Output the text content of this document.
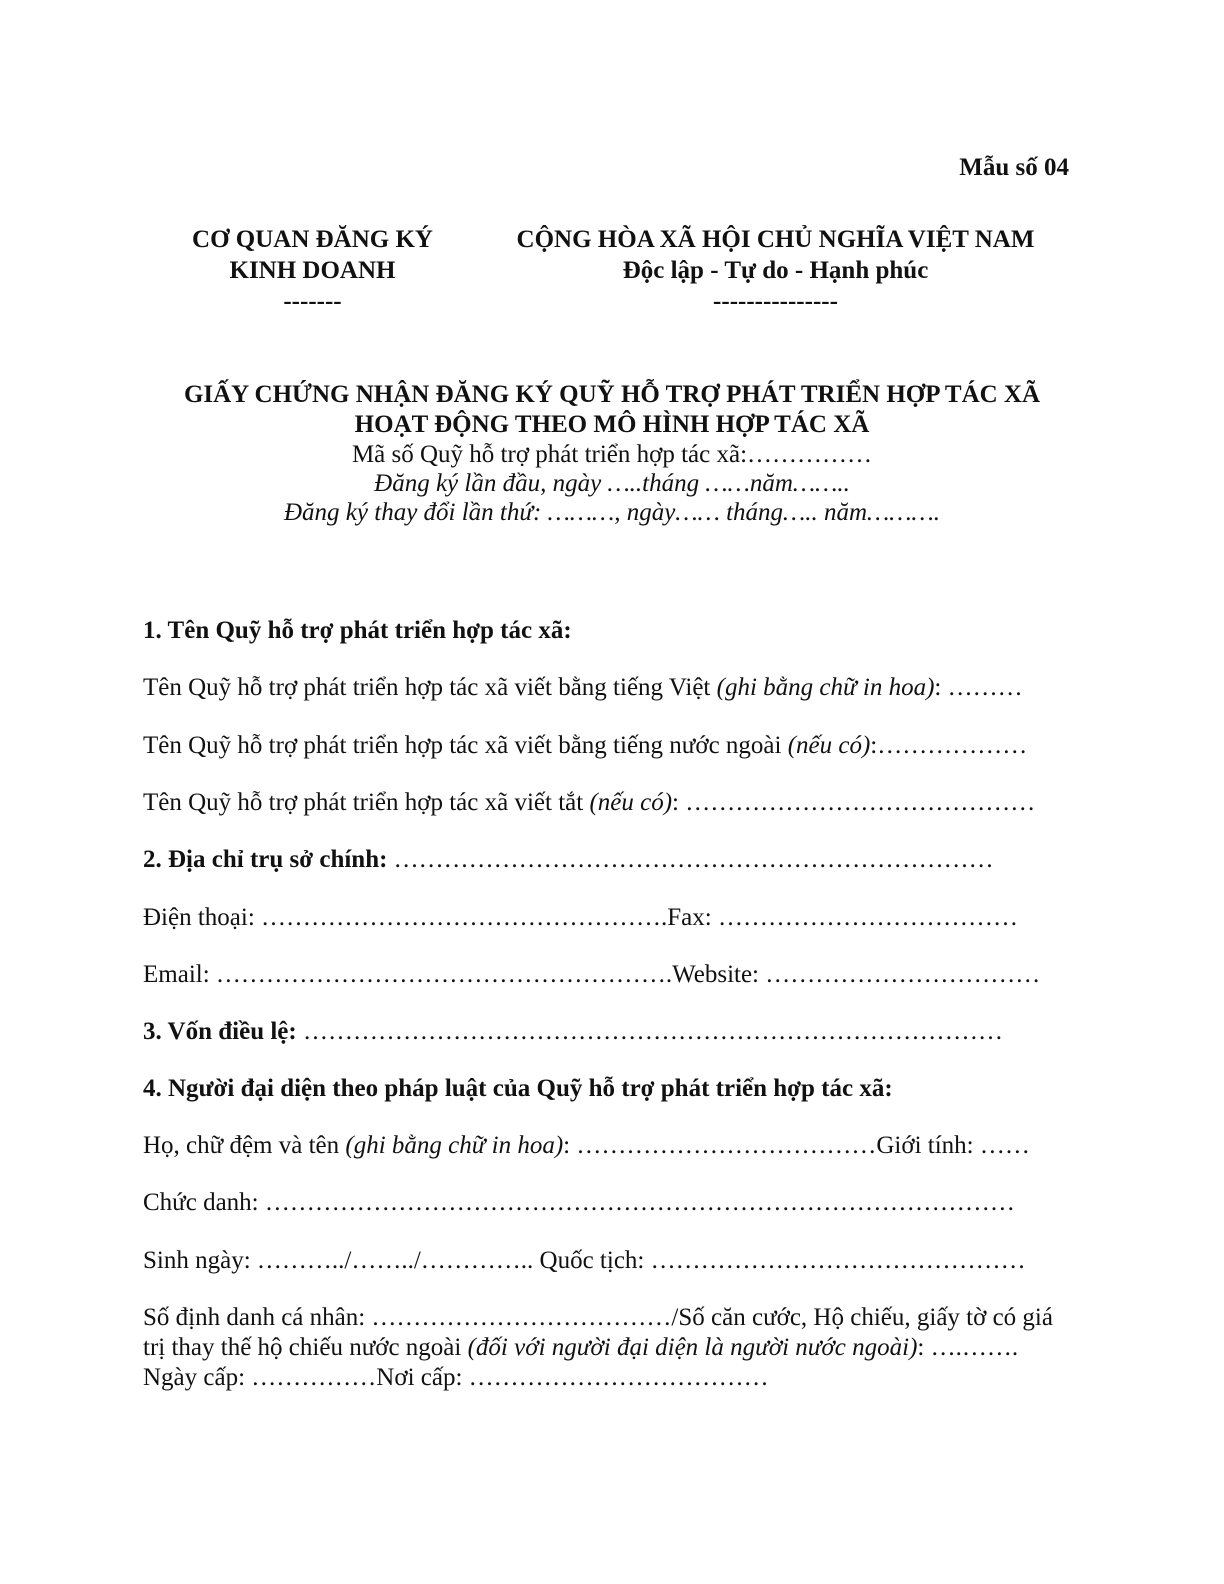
Mẫu số 04
CƠ QUAN ĐĂNG KÝ
KINH DOANH
-------
CỘNG HÒA XÃ HỘI CHỦ NGHĨA VIỆT NAM
Độc lập - Tự do - Hạnh phúc
---------------
GIẤY CHỨNG NHẬN ĐĂNG KÝ QUỸ HỖ TRỢ PHÁT TRIỂN HỢP TÁC XÃ
HOẠT ĐỘNG THEO MÔ HÌNH HỢP TÁC XÃ
Mã số Quỹ hỗ trợ phát triển hợp tác xã:……………
Đăng ký lần đầu, ngày …..tháng ……năm……..
Đăng ký thay đổi lần thứ: ………, ngày…… tháng….. năm……….
1. Tên Quỹ hỗ trợ phát triển hợp tác xã:
Tên Quỹ hỗ trợ phát triển hợp tác xã viết bằng tiếng Việt (ghi bằng chữ in hoa): ………
Tên Quỹ hỗ trợ phát triển hợp tác xã viết bằng tiếng nước ngoài (nếu có):………………
Tên Quỹ hỗ trợ phát triển hợp tác xã viết tắt (nếu có): ……………………………………
2. Địa chỉ trụ sở chính: ………………………………………………………………
Điện thoại: ………………………………………….Fax: ………………………………
Email: ……………………………………………….Website: ……………………………
3. Vốn điều lệ: …………………………………………………………………………
4. Người đại diện theo pháp luật của Quỹ hỗ trợ phát triển hợp tác xã:
Họ, chữ đệm và tên (ghi bằng chữ in hoa): ………………………………Giới tính: ……
Chức danh: ………………………………………………………………………………
Sinh ngày: ………../……../………….. Quốc tịch: ………………………………………
Số định danh cá nhân: ………………………………/Số căn cước, Hộ chiếu, giấy tờ có giá trị thay thế hộ chiếu nước ngoài (đối với người đại diện là người nước ngoài): ….……. Ngày cấp: ……………Nơi cấp: ………………………………
